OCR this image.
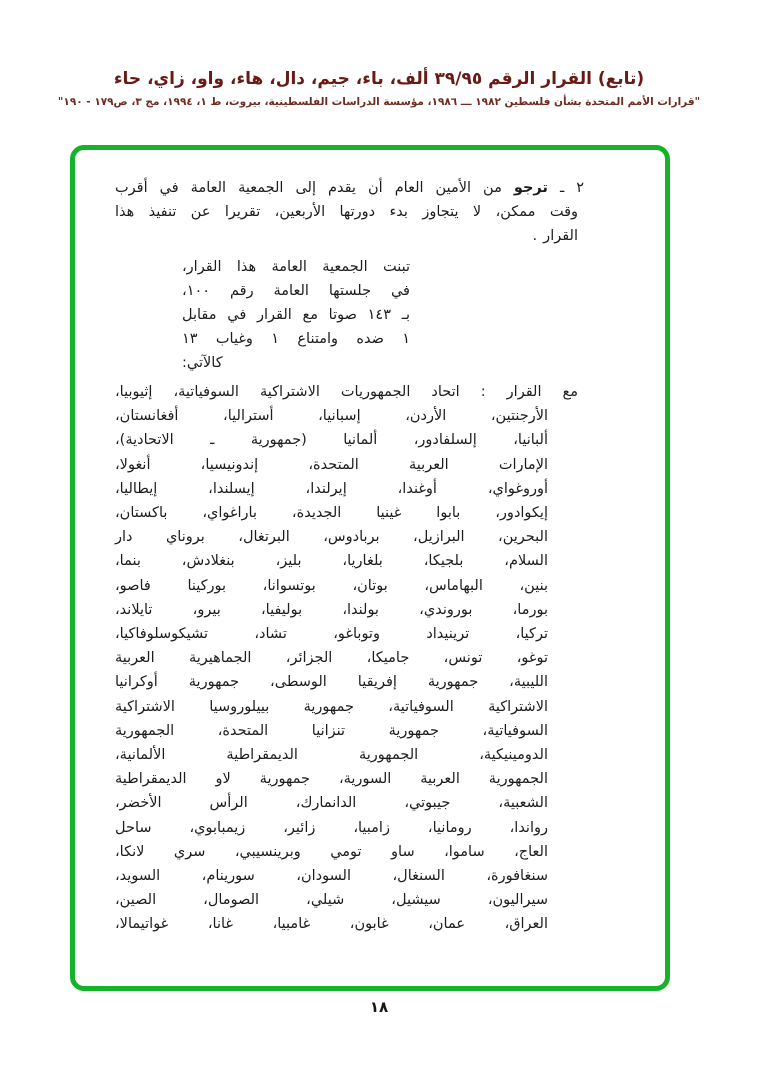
(تابع) القرار الرقم ٣٩/٩٥ ألف، باء، جيم، دال، هاء، واو، زاي، حاء
"قرارات الأمم المتحدة بشأن فلسطين ١٩٨٢ ـــ ١٩٨٦، مؤسسة الدراسات الفلسطينية، بيروت، ط ١، ١٩٩٤، مج ٣، ص١٧٩ - ١٩٠"
٢ ـ ترجو من الأمين العام أن يقدم إلى الجمعية العامة في أقرب
وقت ممكن، لا يتجاوز بدء دورتها الأربعين، تقريرا عن تنفيذ هذا
القرار .
تبنت الجمعية العامة هذا القرار،
في جلستها العامة رقم ١٠٠،
بـ ١٤٣ صوتا مع القرار في مقابل
١ ضده وامتناع ١ وغياب ١٣
كالآتي:
مع القرار : اتحاد الجمهوريات الاشتراكية السوفياتية، إثيوبيا،
الأرجنتين، الأردن، إسبانيا، أستراليا، أفغانستان،
ألبانيا، إلسلفادور، ألمانيا (جمهورية ـ الاتحادية)،
الإمارات العربية المتحدة، إندونيسيا، أنغولا،
أوروغواي، أوغندا، إيرلندا، إيسلندا، إيطاليا،
إيكوادور، بابوا غينيا الجديدة، باراغواي، باكستان،
البحرين، البرازيل، بربادوس، البرتغال، بروناي دار
السلام، بلجيكا، بلغاريا، بليز، بنغلادش، بنما،
بنين، البهاماس، بوتان، بوتسوانا، بوركينا فاصو،
بورما، بوروندي، بولندا، بوليفيا، بيرو، تايلاند،
تركيا، ترينيداد وتوباغو، تشاد، تشيكوسلوفاكيا،
توغو، تونس، جاميكا، الجزائر، الجماهيرية العربية
الليبية، جمهورية إفريقيا الوسطى، جمهورية أوكرانيا
الاشتراكية السوفياتية، جمهورية بييلوروسيا الاشتراكية
السوفياتية، جمهورية تنزانيا المتحدة، الجمهورية
الدومينيكية، الجمهورية الديمقراطية الألمانية،
الجمهورية العربية السورية، جمهورية لاو الديمقراطية
الشعبية، جيبوتي، الدانمارك، الرأس الأخضر،
رواندا، رومانيا، زامبيا، زائير، زيمبابوي، ساحل
العاج، ساموا، ساو تومي وبرينسيبي، سري لانكا،
سنغافورة، السنغال، السودان، سورينام، السويد،
سيراليون، سيشيل، شيلي، الصومال، الصين،
العراق، عمان، غابون، غامبيا، غانا، غواتيمالا،
١٨
